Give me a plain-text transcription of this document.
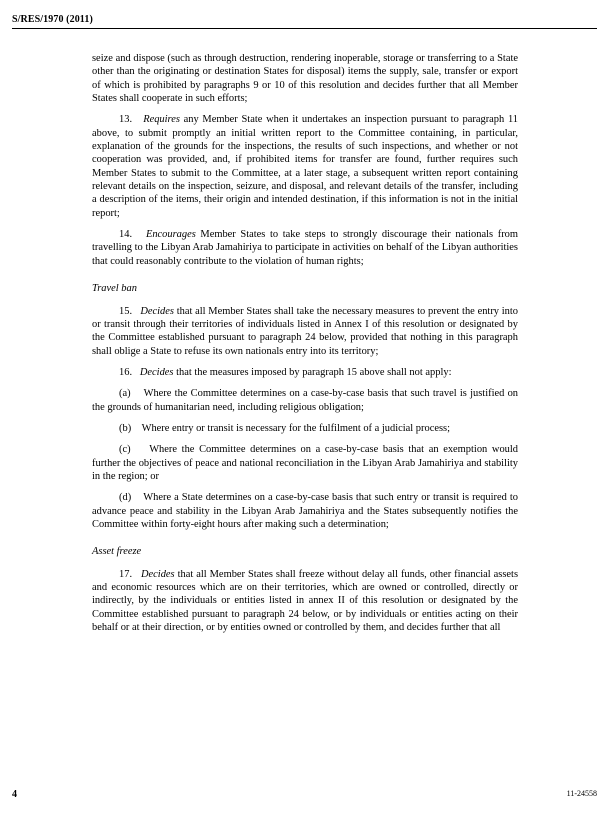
S/RES/1970 (2011)

seize and dispose (such as through destruction, rendering inoperable, storage or transferring to a State other than the originating or destination States for disposal) items the supply, sale, transfer or export of which is prohibited by paragraphs 9 or 10 of this resolution and decides further that all Member States shall cooperate in such efforts;

13. Requires any Member State when it undertakes an inspection pursuant to paragraph 11 above, to submit promptly an initial written report to the Committee containing, in particular, explanation of the grounds for the inspections, the results of such inspections, and whether or not cooperation was provided, and, if prohibited items for transfer are found, further requires such Member States to submit to the Committee, at a later stage, a subsequent written report containing relevant details on the inspection, seizure, and disposal, and relevant details of the transfer, including a description of the items, their origin and intended destination, if this information is not in the initial report;

14. Encourages Member States to take steps to strongly discourage their nationals from travelling to the Libyan Arab Jamahiriya to participate in activities on behalf of the Libyan authorities that could reasonably contribute to the violation of human rights;

Travel ban

15. Decides that all Member States shall take the necessary measures to prevent the entry into or transit through their territories of individuals listed in Annex I of this resolution or designated by the Committee established pursuant to paragraph 24 below, provided that nothing in this paragraph shall oblige a State to refuse its own nationals entry into its territory;

16. Decides that the measures imposed by paragraph 15 above shall not apply:

(a) Where the Committee determines on a case-by-case basis that such travel is justified on the grounds of humanitarian need, including religious obligation;

(b) Where entry or transit is necessary for the fulfilment of a judicial process;

(c) Where the Committee determines on a case-by-case basis that an exemption would further the objectives of peace and national reconciliation in the Libyan Arab Jamahiriya and stability in the region; or

(d) Where a State determines on a case-by-case basis that such entry or transit is required to advance peace and stability in the Libyan Arab Jamahiriya and the States subsequently notifies the Committee within forty-eight hours after making such a determination;

Asset freeze

17. Decides that all Member States shall freeze without delay all funds, other financial assets and economic resources which are on their territories, which are owned or controlled, directly or indirectly, by the individuals or entities listed in annex II of this resolution or designated by the Committee established pursuant to paragraph 24 below, or by individuals or entities acting on their behalf or at their direction, or by entities owned or controlled by them, and decides further that all

4	11-24558
